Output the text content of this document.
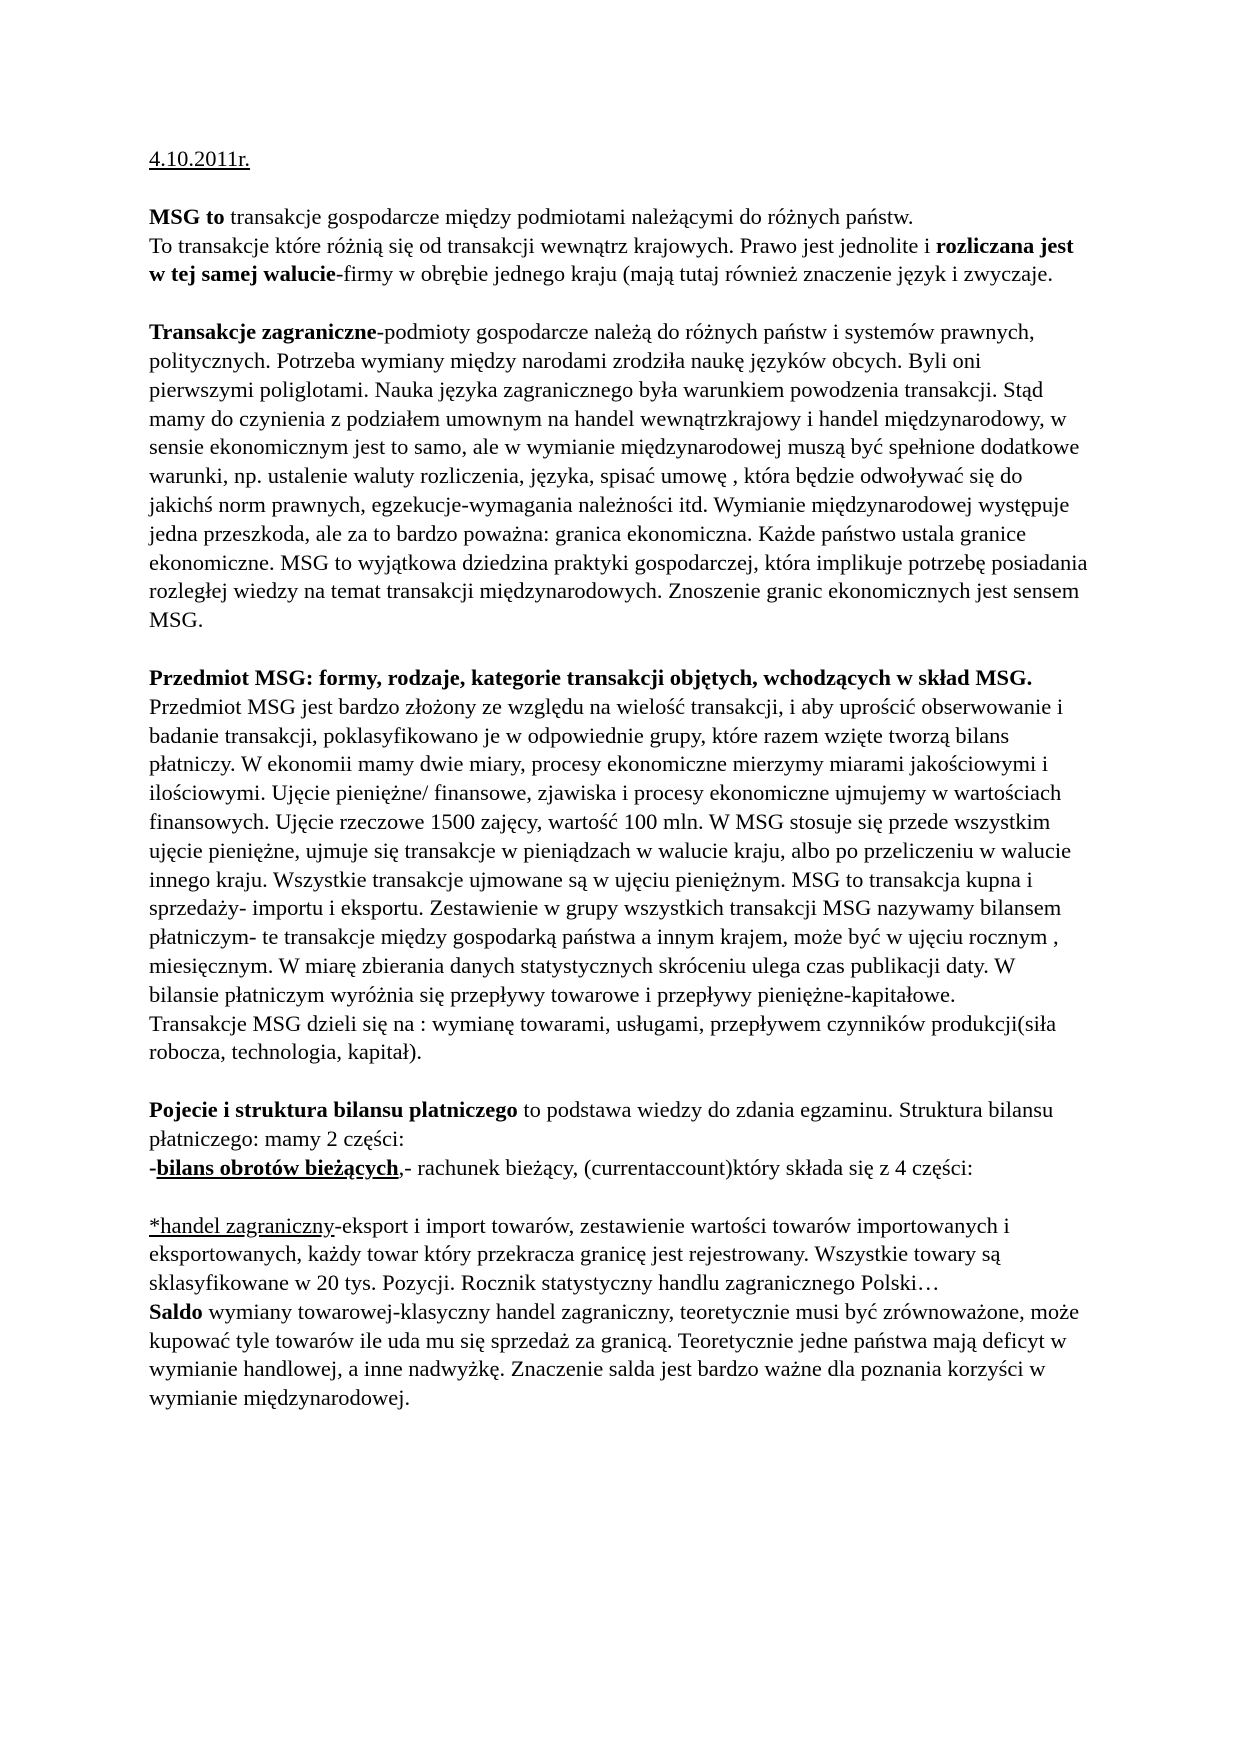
4.10.2011r.

MSG to transakcje gospodarcze między podmiotami należącymi do różnych państw.
To transakcje które różnią się od transakcji wewnątrz krajowych. Prawo jest jednolite i rozliczana jest w tej samej walucie-firmy w obrębie jednego kraju (mają tutaj również znaczenie język i zwyczaje.

Transakcje zagraniczne-podmioty gospodarcze należą do różnych państw i systemów prawnych, politycznych. Potrzeba wymiany między narodami zrodziła naukę języków obcych. Byli oni pierwszymi poliglotami. Nauka języka zagranicznego była warunkiem powodzenia transakcji. Stąd mamy do czynienia z podziałem umownym na handel wewnątrzkrajowy i handel międzynarodowy, w sensie ekonomicznym jest to samo, ale w wymianie międzynarodowej muszą być spełnione dodatkowe warunki, np. ustalenie waluty rozliczenia, języka, spisać umowę , która będzie odwoływać się do jakichś norm prawnych, egzekucje-wymagania należności itd. Wymianie międzynarodowej występuje jedna przeszkoda, ale za to bardzo poważna: granica ekonomiczna. Każde państwo ustala granice ekonomiczne. MSG to wyjątkowa dziedzina praktyki gospodarczej, która implikuje potrzebę posiadania rozległej wiedzy na temat transakcji międzynarodowych. Znoszenie granic ekonomicznych jest sensem MSG.

Przedmiot MSG: formy, rodzaje, kategorie transakcji objętych, wchodzących w skład MSG.

Przedmiot MSG jest bardzo złożony ze względu na wielość transakcji, i aby uprościć obserwowanie i badanie transakcji, poklasyfikowano je w odpowiednie grupy, które razem wzięte tworzą bilans płatniczy. W ekonomii mamy dwie miary, procesy ekonomiczne mierzymy miarami jakościowymi i ilościowymi. Ujęcie pieniężne/ finansowe, zjawiska i procesy ekonomiczne ujmujemy w wartościach finansowych. Ujęcie rzeczowe 1500 zajęcy, wartość 100 mln. W MSG stosuje się przede wszystkim ujęcie pieniężne, ujmuje się transakcje w pieniądzach w walucie kraju, albo po przeliczeniu w walucie innego kraju. Wszystkie transakcje ujmowane są w ujęciu pieniężnym. MSG to transakcja kupna i sprzedaży- importu i eksportu. Zestawienie w grupy wszystkich transakcji MSG nazywamy bilansem płatniczym- te transakcje między gospodarką państwa a innym krajem, może być w ujęciu rocznym , miesięcznym. W miarę zbierania danych statystycznych skróceniu ulega czas publikacji daty. W bilansie płatniczym wyróżnia się przepływy towarowe i przepływy pieniężne-kapitałowe.

Transakcje MSG dzieli się na : wymianę towarami, usługami, przepływem czynników produkcji(siła robocza, technologia, kapitał).

Pojecie i struktura bilansu platniczego to podstawa wiedzy do zdania egzaminu. Struktura bilansu płatniczego: mamy 2 części:
-bilans obrotów bieżących,- rachunek bieżący, (currentaccount)który składa się z 4 części:

*handel zagraniczny-eksport i import towarów, zestawienie wartości towarów importowanych i eksportowanych, każdy towar który przekracza granicę jest rejestrowany. Wszystkie towary są sklasyfikowane w 20 tys. Pozycji. Rocznik statystyczny handlu zagranicznego Polski…

Saldo wymiany towarowej-klasyczny handel zagraniczny, teoretycznie musi być zrównoważone, może kupować tyle towarów ile uda mu się sprzedaż za granicą. Teoretycznie jedne państwa mają deficyt w wymianie handlowej, a inne nadwyżkę. Znaczenie salda jest bardzo ważne dla poznania korzyści w wymianie międzynarodowej.
